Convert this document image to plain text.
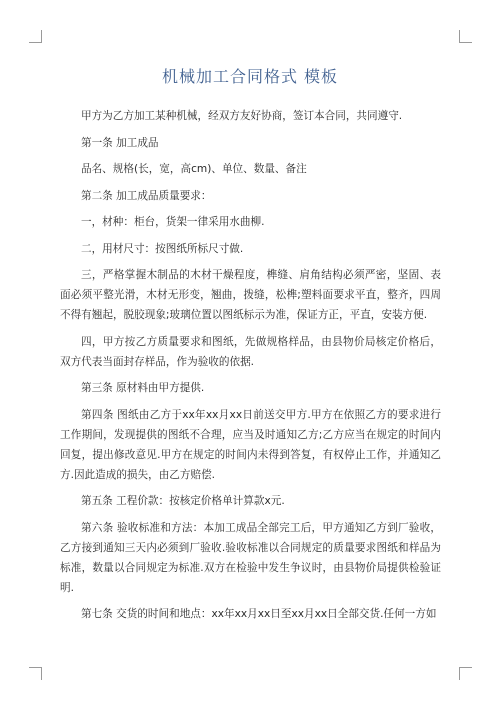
机械加工合同格式 模板

甲方为乙方加工某种机械，经双方友好协商，签订本合同，共同遵守.

第一条 加工成品

品名、规格(长，宽，高cm)、单位、数量、备注

第二条 加工成品质量要求：

一，材种：柜台，货架一律采用水曲柳.

二，用材尺寸：按图纸所标尺寸做.

三，严格掌握木制品的木材干燥程度，榫缝、肩角结构必须严密，坚固、表面必须平整光滑，木材无形变，翘曲，拨缝，松榫;塑料面要求平直，整齐，四周不得有翘起，脱胶现象;玻璃位置以图纸标示为准，保证方正，平直，安装方便.

四，甲方按乙方质量要求和图纸，先做规格样品，由县物价局核定价格后，双方代表当面封存样品，作为验收的依据.

第三条 原材料由甲方提供.

第四条 图纸由乙方于xx年xx月xx日前送交甲方.甲方在依照乙方的要求进行工作期间，发现提供的图纸不合理，应当及时通知乙方;乙方应当在规定的时间内回复，提出修改意见.甲方在规定的时间内未得到答复，有权停止工作，并通知乙方.因此造成的损失，由乙方赔偿.

第五条 工程价款：按核定价格单计算款x元.

第六条 验收标准和方法：本加工成品全部完工后，甲方通知乙方到厂验收，乙方接到通知三天内必须到厂验收.验收标准以合同规定的质量要求图纸和样品为标准，数量以合同规定为标准.双方在检验中发生争议时，由县物价局提供检验证明.

第七条 交货的时间和地点：xx年xx月xx日至xx月xx日全部交货.任何一方如
